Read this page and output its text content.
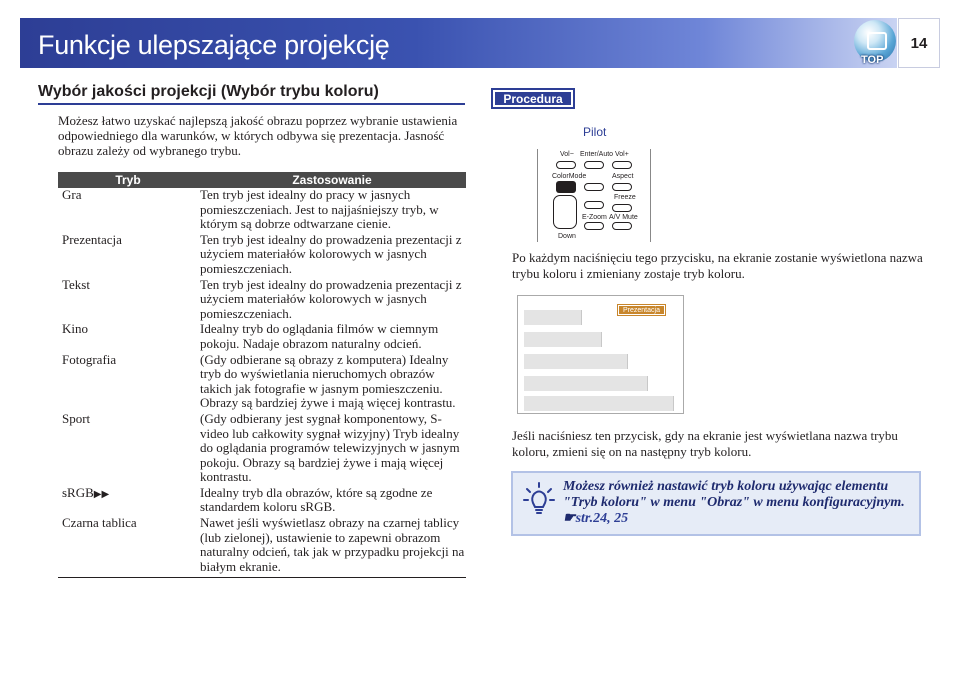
Funkcje ulepszające projekcję	TOP
14
Wybór jakości projekcji (Wybór trybu koloru)

Możesz łatwo uzyskać najlepszą jakość obrazu poprzez wybranie ustawienia odpowiedniego dla warunków, w których odbywa się prezentacja. Jasność obrazu zależy od wybranego trybu.

Tryb	Zastosowanie
Gra	Ten tryb jest idealny do pracy w jasnych pomieszczeniach. Jest to najjaśniejszy tryb, w którym są dobrze odtwarzane cienie.
Prezentacja	Ten tryb jest idealny do prowadzenia prezentacji z użyciem materiałów kolorowych w jasnych pomieszczeniach.
Tekst	Ten tryb jest idealny do prowadzenia prezentacji z użyciem materiałów kolorowych w jasnych pomieszczeniach.
Kino	Idealny tryb do oglądania filmów w ciemnym pokoju. Nadaje obrazom naturalny odcień.
Fotografia	(Gdy odbierane są obrazy z komputera) Idealny tryb do wyświetlania nieruchomych obrazów takich jak fotografie w jasnym pomieszczeniu. Obrazy są bardziej żywe i mają więcej kontrastu.
Sport	(Gdy odbierany jest sygnał komponentowy, S-video lub całkowity sygnał wizyjny) Tryb idealny do oglądania programów telewizyjnych w jasnym pokoju. Obrazy są bardziej żywe i mają więcej kontrastu.
sRGB▶▶	Idealny tryb dla obrazów, które są zgodne ze standardem koloru sRGB.
Czarna tablica	Nawet jeśli wyświetlasz obrazy na czarnej tablicy (lub zielonej), ustawienie to zapewni obrazom naturalny odcień, tak jak w przypadku projekcji na białym ekranie.
Procedura
Pilot
Vol− Enter/Auto Vol+
ColorMode	Aspect
Freeze
E-Zoom A/V Mute
Down

Po każdym naciśnięciu tego przycisku, na ekranie zostanie wyświetlona nazwa trybu koloru i zmieniany zostaje tryb koloru.

Prezentacja

Jeśli naciśniesz ten przycisk, gdy na ekranie jest wyświetlana nazwa trybu koloru, zmieni się on na następny tryb koloru.

Możesz również nastawić tryb koloru używając elementu "Tryb koloru" w menu "Obraz" w menu konfiguracyjnym. ☛str.24, 25
